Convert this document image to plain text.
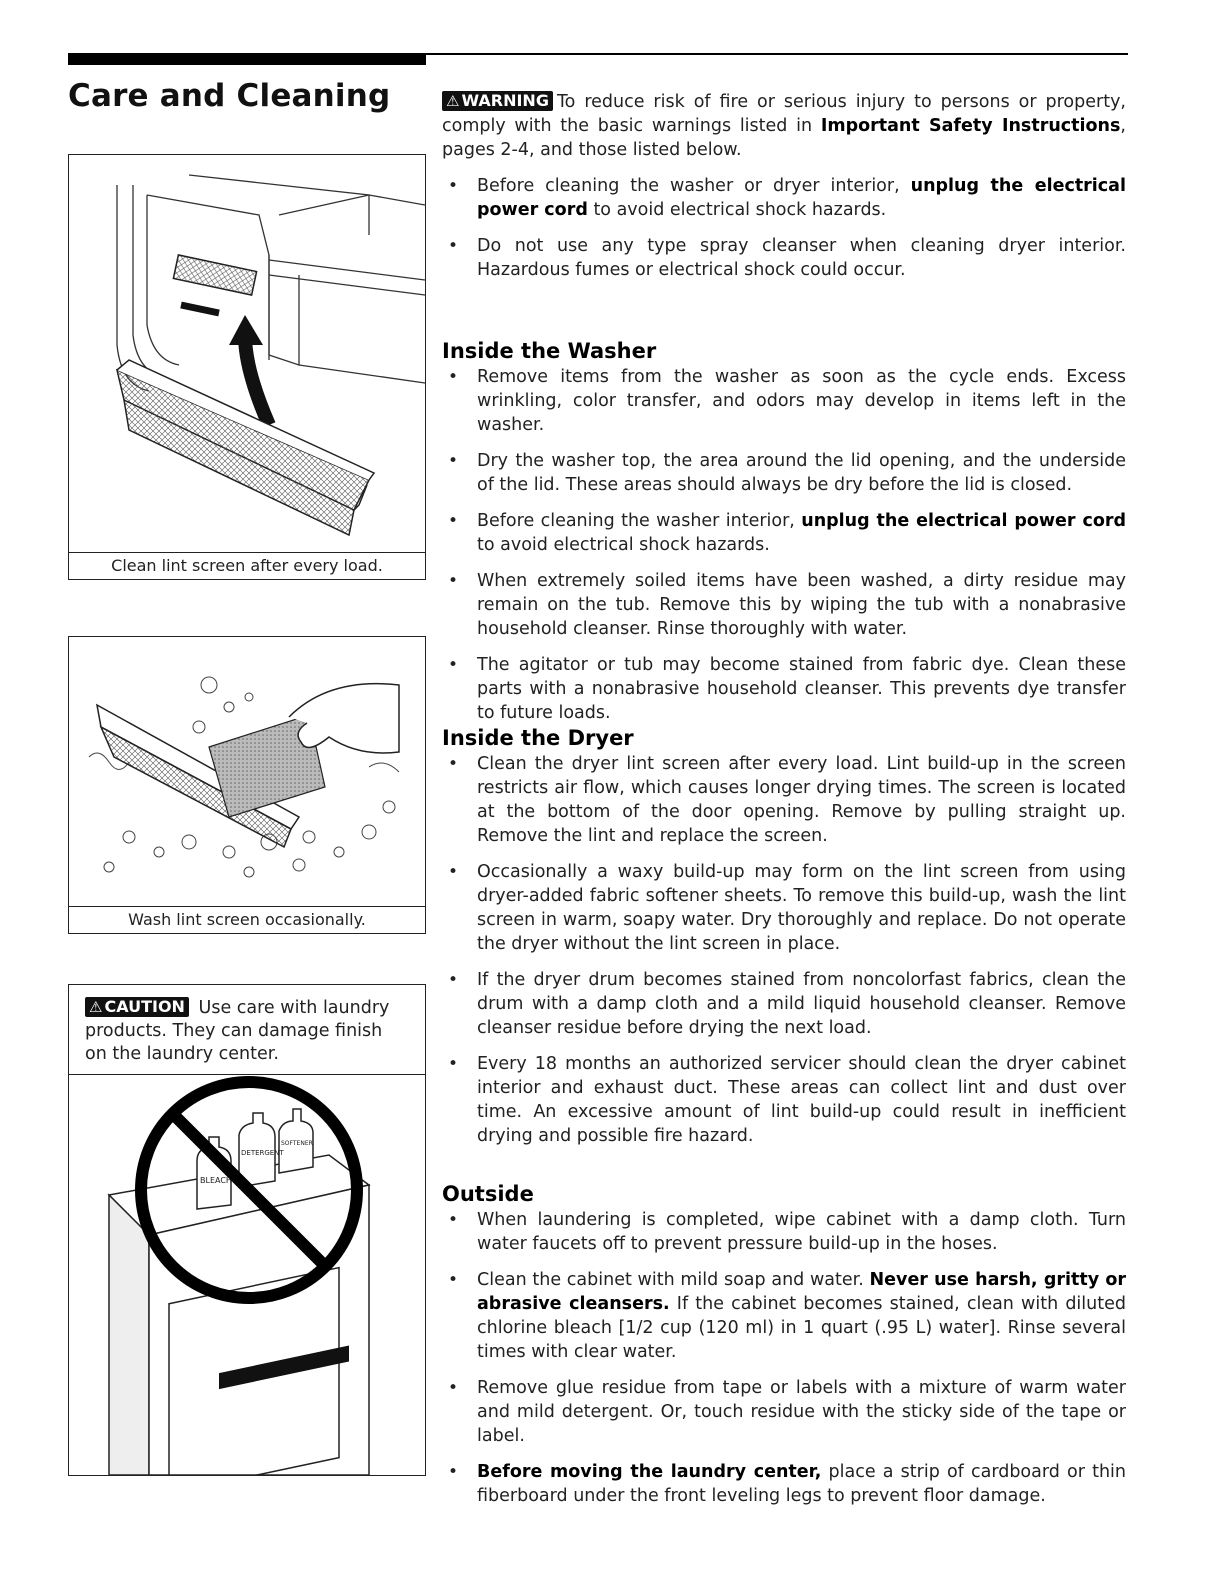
Care and Cleaning
Clean lint screen after every load.
Wash lint screen occasionally.
⚠ CAUTION Use care with laundry products. They can damage finish on the laundry center.
BLEACH
DETERGENT
SOFTENER

⚠ WARNING To reduce risk of fire or serious injury to persons or property, comply with the basic warnings listed in Important Safety Instructions, pages 2-4, and those listed below.

• Before cleaning the washer or dryer interior, unplug the electrical power cord to avoid electrical shock hazards.
• Do not use any type spray cleanser when cleaning dryer interior. Hazardous fumes or electrical shock could occur.
Inside the Washer
• Remove items from the washer as soon as the cycle ends. Excess wrinkling, color transfer, and odors may develop in items left in the washer.
• Dry the washer top, the area around the lid opening, and the underside of the lid. These areas should always be dry before the lid is closed.
• Before cleaning the washer interior, unplug the electrical power cord to avoid electrical shock hazards.
• When extremely soiled items have been washed, a dirty residue may remain on the tub. Remove this by wiping the tub with a nonabrasive household cleanser. Rinse thoroughly with water.
• The agitator or tub may become stained from fabric dye. Clean these parts with a nonabrasive household cleanser. This prevents dye transfer to future loads.
Inside the Dryer
• Clean the dryer lint screen after every load. Lint build-up in the screen restricts air flow, which causes longer drying times. The screen is located at the bottom of the door opening. Remove by pulling straight up. Remove the lint and replace the screen.
• Occasionally a waxy build-up may form on the lint screen from using dryer-added fabric softener sheets. To remove this build-up, wash the lint screen in warm, soapy water. Dry thoroughly and replace. Do not operate the dryer without the lint screen in place.
• If the dryer drum becomes stained from noncolorfast fabrics, clean the drum with a damp cloth and a mild liquid household cleanser. Remove cleanser residue before drying the next load.
• Every 18 months an authorized servicer should clean the dryer cabinet interior and exhaust duct. These areas can collect lint and dust over time. An excessive amount of lint build-up could result in inefficient drying and possible fire hazard.
Outside
• When laundering is completed, wipe cabinet with a damp cloth. Turn water faucets off to prevent pressure build-up in the hoses.
• Clean the cabinet with mild soap and water. Never use harsh, gritty or abrasive cleansers. If the cabinet becomes stained, clean with diluted chlorine bleach [1/2 cup (120 ml) in 1 quart (.95 L) water]. Rinse several times with clear water.
• Remove glue residue from tape or labels with a mixture of warm water and mild detergent. Or, touch residue with the sticky side of the tape or label.
• Before moving the laundry center, place a strip of cardboard or thin fiberboard under the front leveling legs to prevent floor damage.
